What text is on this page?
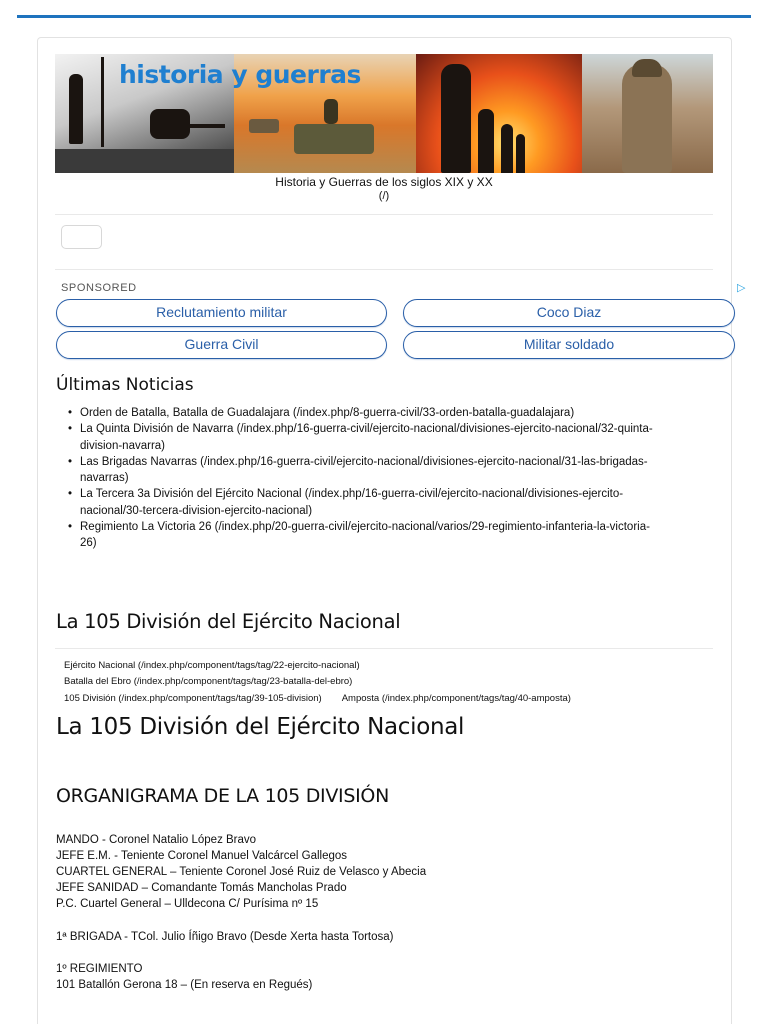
historia y guerras
Historia y Guerras de los siglos XIX y XX
(/)
SPONSORED	▷
Reclutamiento militar	Coco Diaz
Guerra Civil	Militar soldado
Últimas Noticias
• Orden de Batalla, Batalla de Guadalajara (/index.php/8-guerra-civil/33-orden-batalla-guadalajara)
• La Quinta División de Navarra (/index.php/16-guerra-civil/ejercito-nacional/divisiones-ejercito-nacional/32-quinta-
division-navarra)
• Las Brigadas Navarras (/index.php/16-guerra-civil/ejercito-nacional/divisiones-ejercito-nacional/31-las-brigadas-
navarras)
• La Tercera 3a División del Ejército Nacional (/index.php/16-guerra-civil/ejercito-nacional/divisiones-ejercito-
nacional/30-tercera-division-ejercito-nacional)
• Regimiento La Victoria 26 (/index.php/20-guerra-civil/ejercito-nacional/varios/29-regimiento-infanteria-la-victoria-
26)
La 105 División del Ejército Nacional
Ejército Nacional (/index.php/component/tags/tag/22-ejercito-nacional)
Batalla del Ebro (/index.php/component/tags/tag/23-batalla-del-ebro)
105 División (/index.php/component/tags/tag/39-105-division) Amposta (/index.php/component/tags/tag/40-amposta)
La 105 División del Ejército Nacional
ORGANIGRAMA DE LA 105 DIVISIÓN
MANDO - Coronel Natalio López Bravo
JEFE E.M. - Teniente Coronel Manuel Valcárcel Gallegos
CUARTEL GENERAL – Teniente Coronel José Ruiz de Velasco y Abecia
JEFE SANIDAD – Comandante Tomás Mancholas Prado
P.C. Cuartel General – Ulldecona C/ Purísima nº 15
1ª BRIGADA - TCol. Julio Íñigo Bravo (Desde Xerta hasta Tortosa)
1º REGIMIENTO
101 Batallón Gerona 18 – (En reserva en Regués)
